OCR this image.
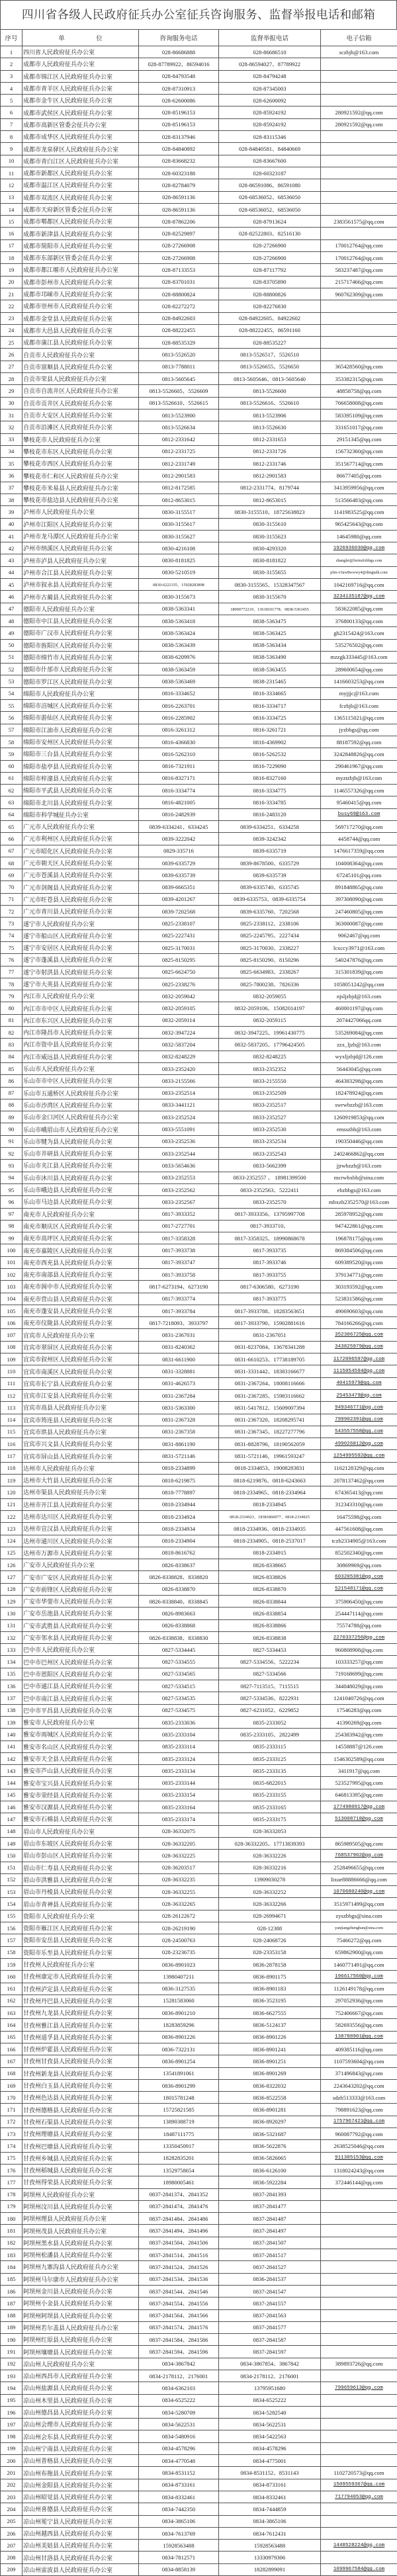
四川省各级人民政府征兵办公室征兵咨询服务、监督举报电话和邮箱
序号	单　　　　　位	咨询服务电话	监督举报电话	电子信箱
1	四川省人民政府征兵办公室	028-86686888	028-86686510	sczbjb@163.com
2	成都市人民政府征兵办公室	028-87789922、86594016	028-86594027、87789922	
3	成都市锦江区人民政府征兵办公室	028-84793548	028-84794248	
4	成都市青羊区人民政府征兵办公室	028-87310913	028-87345003	
5	成都市金牛区人民政府征兵办公室	028-62600086	028-62600092	
6	成都市武侯区人民政府征兵办公室	028-85196153	028-85924192	280921592@qq.com
7	成都市高新区管委会征兵办公室	028-85196153	028-85924192	280921592@qq.com
8	成都市成华区人民政府征兵办公室	028-83137946	028-83115346	
9	成都市龙泉驿区人民政府征兵办公室	028-84840892	028-84840581、84840669	
10	成都市青白江区人民政府征兵办公室	028-83668232	028-83667600	
11	成都市新都区人民政府征兵办公室	028-60323188	028-60323187	
12	成都市温江区人民政府征兵办公室	028-82784079	028-86591086、86591080	
13	成都市双流区人民政府征兵办公室	028-86591136	028-68536052、68536050	
14	成都市天府新区管委会征兵办公室	028-86591136	028-68536052、68536050	
15	成都市郫都区人民政府征兵办公室	028-87862206	028-87913624	2383561575@qq.com
16	成都市新津县人民政府征兵办公室	028-82529897	028-82522803、82516130	
17	成都市简阳市人民政府征兵办公室	028-27266908	028-27266900	170012764@qq.com
18	成都市东部新区管委会征兵办公室	028-27266908	028-27266900	170012764@qq.com
19	成都市都江堰市人民政府征兵办公室	028-87133553	028-87117792	583237487@qq.com
20	成都市彭州市人民政府征兵办公室	028-83701031	028-83705890	215717466@qq.com
21	成都市邛崃市人民政府征兵办公室	028-88800824	028-88800826	960762309@qq.com
22	成都市崇州市人民政府征兵办公室	028-82272272	028-82276830	
23	成都市金堂县人民政府征兵办公室	028-84922603	028-84922605、84922602	
24	成都市大邑县人民政府征兵办公室	028-88222455	028-88222455、86591160	
25	成都市蒲江县人民政府征兵办公室	028-88535329	028-88535227	
26	自贡市人民政府征兵办公室	0813-5526520	0813-5526517、5526510	
27	自贡市富顺县人民政府征兵办公室	0813-7788011	0813-5526655、5526650	365428560@qq.com
28	自贡市荣县人民政府征兵办公室	0813-5605645	0813-5605646、0813-5605640	353382315@qq.com
29	自贡市自流井区人民政府征兵办公室	0813-5526605、5526609	0813-5526600	48858758@qq.com
30	自贡市贡井区人民政府征兵办公室	0813-5526610、5526615	0813-5526616、5526610	766658008@qq.com
31	自贡市大安区人民政府征兵办公室	0813-5523900	0813-5523906	583395109@qq.com
32	自贡市沿滩区人民政府征兵办公室	0813-5526634	0813-5526630	331651017@qq.com
33	攀枝花市人民政府征兵办公室	0812-2331642	0812-2331653	29151345@qq.com
34	攀枝花市东区人民政府征兵办公室	0812-2331725	0812-2331726	156732360@qq.com
35	攀枝花市西区人民政府征兵办公室	0812-2331749	0812-2331746	351567714@qq.com
36	攀枝花市仁和区人民政府征兵办公室	0812-2901583	0812-2901583	86677405@qq.com
37	攀枝花市米易县人民政府征兵办公室	0812-8172585	0812-2331774、8179744	3413959956@qq.com
38	攀枝花市盐边县人民政府征兵办公室	0812-8653015	0812-8653015	513566483@qq.com
39	泸州市人民政府征兵办公室	0830-3155517	0830-3155510、18725638823	1141983525@qq.com
40	泸州市江阳区人民政府征兵办公室	0830-3155617	0830-3155610	965425643@qq.com
41	泸州市龙马潭区人民政府征兵办公室	0830-3155627	0830-3155623	14645980@qq.com
42	泸州市纳溪区人民政府征兵办公室	0830-4216108	0830-4293320	1926936030@qq.com
43	泸州市泸县人民政府征兵办公室	0830-8181825	0830-8181822	zhanglei@lxrmzfzbbgs.com
44	泸州市合江县人民政府征兵办公室	0830-5210519	0830-3155655	pfm-v3uw8wwwy4@dingtalk.com
45	泸州市叙永县人民政府征兵办公室	0830-6222155、15928283898	0830-3155565、15328347567	1042169716@qq.com
46	泸州市古蔺县人民政府征兵办公室	0830-3155673	0830-3155670	3234135187@qq.com
47	德阳市人民政府征兵办公室	0838-5363341	18090772219、13618101778、0838-5363455	583622085@qq.com
48	德阳市中江县人民政府征兵办公室	0838-5363418	0838-5363475	376800133@qq.com
49	德阳市广汉市人民政府征兵办公室	0838-5363424	0838-5363425	gh2315424@163.com
50	德阳市旌阳区人民政府征兵办公室	0838-5363439	0838-5363434	535276502@qq.com
51	德阳市绵竹市人民政府征兵办公室	0838-6209976	0838-5363490	mzzgk333445@163.com
52	德阳市什邡市人民政府征兵办公室	0838-5363459	0838-5363455	289600654@qq.com
53	德阳市罗江区人民政府征兵办公室	0838-5363469	0838-2315465	1416603253@qq.com
54	绵阳市人民政府征兵办公室	0816-3334652	0816-3334665	myjjjc@163.com
55	绵阳市涪城区人民政府征兵办公室	0816-2263701	0816-3334717	fczbjb@163.com
56	绵阳市游仙区人民政府征兵办公室	0816-2285902	0816-3334725	1365115021@qq.com
57	绵阳市江油市人民政府征兵办公室	0816-3261312	0816-3261721	jyzbbgs@qq.com
58	绵阳市安州区人民政府征兵办公室	0816-4366830	0816-4369902	88187592@qq.com
59	绵阳市三台县人民政府征兵办公室	0816-5262310	0816-5262532	3242848826@qq.com
60	绵阳市盐亭县人民政府征兵办公室	0816-7321911	0816-7229090	290461967@qq.com
61	绵阳市梓潼县人民政府征兵办公室	0816-8327171	0816-8327160	myztzbjb@163.com
62	绵阳市平武县人民政府征兵办公室	0816-3334774	0816-3334775	1146557326@qq.com
63	绵阳市北川县人民政府征兵办公室	0816-4821005	0816-3334785	95460415@qq.com
64	绵阳市科学城征兵办公室	0816-2482939	0816-2483120	busy69@163.com
65	广元市人民政府征兵办公室	0839-6334241、6334245	0839-6334251、6334258	569717270@qq.com
66	广元市利州区人民政府征兵办公室	0839-3222042	0839-3242342	4458744@qq.com
67	广元市昭化区人民政府征兵办公室	0829-335716	0839-6335719	1476617359@qq.com
68	广元市朝天区人民政府征兵办公室	0839-6335729	0839-8678500、6335729	104008364@qq.com
69	广元市苍溪县人民政府征兵办公室	0839-6335739	0839-6335739	67245101@qq.com
70	广元市剑阁县人民政府征兵办公室	0839-6665351	0839-6335740、6335745	891848865@qq.com
71	广元市旺苍县人民政府征兵办公室	0839-4201267	0839-6335753、0839-6335754	397308090@qq.com
72	广元市青川县人民政府征兵办公室	0839-7202568	0839-6335760、7202568	247460805@qq.com
73	遂宁市人民政府征兵办公室	0825-2338107	0825-2338112、2338106	363000087@qq.com
74	遂宁市船山区人民政府征兵办公室	0825-2227431	0825-2245795、2227434	9062467@qq.com
75	遂宁市安居区人民政府征兵办公室	0825-3170031	0825-3170030、2338227	lcxccy3971@163.com
76	遂宁市蓬溪县人民政府征兵办公室	0825-8150295	0825-8150290、8150296	540247876@qq.com
77	遂宁市射洪县人民政府征兵办公室	0825-6624750	0825-6634983、2338267	315301839@qq.com
78	遂宁市大英县人民政府征兵办公室	0825-2338276	0825-7800238、7826336	1058051242@qq.com
79	内江市人民政府征兵办公室	0832-2059042	0832-2059055	njsljzbjd@163.com
80	内江市市中区人民政府征兵办公室	0832-2059105	0832-2059106、15082014197	460001197@qq.com
81	内江市东兴区人民政府征兵办公室	0832-2059114	0832-2059115	2074427066qq.com
82	内江市隆昌市人民政府征兵办公室	0832-3947224	0832-3947225、19961430775	535269084@qq.com
83	内江市资中县人民政府征兵办公室	0832-5837204	0832-5837205、17796424505	zzx_ljzb@163.com
84	内江市威远县人民政府征兵办公室	0832-8248229	0832-8248225	wyxljzbjd@126.com
85	乐山市人民政府征兵办公室	0833-2352420	0833-2352352	56443045@qq.com
86	乐山市市中区人民政府征兵办公室	0833-2155566	0833-2155550	464383298@qq.com
87	乐山市五通桥区人民政府征兵办公室	0833-2352514	0833-2352509	182478924@qq.com
88	乐山市沙湾区人民政府征兵办公室	0833-3441121	0833-2352517	swrwbzzb@163.com
89	乐山市金口河区人民政府征兵办公室	0833-2352524	0833-2352527	1260919853@qq.com
90	乐山市峨眉山市人民政府征兵办公室	0833-5551091	0833-2352530	emsszbb@163.com
91	乐山市犍为县人民政府征兵办公室	0833-2352536	0833-2352534	190350446@qq.com
92	乐山市井研县人民政府征兵办公室	0833-2352544	0833-2352543	2402466862@qq.com
93	乐山市夹江县人民政府征兵办公室	0833-5654636	0833-5662399	jjrwbzzb@163.com
94	乐山市沐川县人民政府征兵办公室	0833-2352553	0833-2352557 、 18981399500	mcrwbxbb@sina.com
95	乐山市峨边县人民政府征兵办公室	0833-2352562	0833-2352563、5222411	ebzbbgs@163.com
96	乐山市马边县人民政府征兵办公室	0833-2352567	0833-2352570	mbxzb2352570@163.com
97	南充市人民政府征兵办公室	0817-3933352	0817-3933356、13795997708	285978952@qq.com
98	南充市顺庆区人民政府征兵办公室	0817-2727701	0817-3933710、	947422861@qq.com
99	南充市高坪区人民政府征兵办公室	0817-3358328	0817-3358325、18990868678	196878175@qq.com
100	南充市嘉陵区人民政府征兵办公室	0817-3933738	0817-3933735	869384506@qq.com
101	南充市西充县人民政府征兵办公室	0817-3933747	0817-3933746	609389520@qq.com
102	南充市南部县人民政府征兵办公室	0817-3933758	0817-3933755	379134771@qq.com
103	南充市阆中市人民政府征兵办公室	0817-6273194、6273190	0817-6306580、6273190	303193592@qq.com
104	南充市营山县人民政府征兵办公室	0817-3933774	0817-3933775	523831586@qq.com
105	南充市蓬安县人民政府征兵办公室	0817-3933784	0817-3933788、18283563651	490690603@qq.com
106	南充市仪陇县人民政府征兵办公室	0817-7218093、3933797	0817-3933790、15902881616	784166266@qq.com
107	宜宾市人民政府征兵办公室	0831-2367031	0831-2367051	352306725@qq.com
108	宜宾市翠屏区人民政府征兵办公室	0831-8240362	0831-8237084、13678341288	343825979@qq.com
109	宜宾市叙州区人民政府征兵办公室	0831-6611900	0831-6610253、17738189705	1172096597@qq.com
110	宜宾市南溪区人民政府征兵办公室	0831-3328881	0831-3331442、18383166677	1115054594@qq.com
111	宜宾市长宁县人民政府征兵办公室	0831-4626573	0831-2367264、18008116666	40415979@qq.com
112	宜宾市江安县人民政府征兵办公室	0831-2367284	0831-2367285、15983116662	25453479@qq.com
113	宜宾市高县人民政府征兵办公室	0831-5363300	0831-5417812、15609007394	949346771@qq.com
114	宜宾市筠连县人民政府征兵办公室	0831-2367328	0831-2367320、18208295741	799902391@qq.com
115	宜宾市珙县人民政府征兵办公室	0831-2367358	0831-2367345、18227277796	543557558@qq.com
116	宜宾市兴文县人民政府征兵办公室	0831-8861190	0831-8828796，18190562059	499026812@qq.com
117	宜宾市屏山县人民政府征兵办公室	0831-5721146	0831-5721146，19961593247	1254995592@qq.com
118	达州市人民政府征兵办公室	0818-2334899	0818-2334853、19008283831	1162128329@qq.com
119	达州市大竹县人民政府征兵办公室	0818-6219875	0818-6219876、0818-6243663	2078137462@qq.com
120	达州市渠县人民政府征兵办公室	0818-7778897	0818-2334965、0818-2334964	674365413@qq.com
121	达州市开江县人民政府征兵办公室	0818-2334944	0818-2334945	312343310@qq.com
122	达州市达川区人民政府征兵办公室	0818-2334924	0818-2334923、18381860077、0818-2334925	16475598@qq.com
123	达州市宣汉县人民政府征兵办公室	0818-2334934	0818-2334936、0818-2334935	447561608@qq.com
124	达州市通川区人民政府征兵办公室	0818-2334904	0818-2334905、0818-2537017	tczb2334905@163.com
125	达州市万源市人民政府征兵办公室	0818-8616762	0818-2334915	852502340@qq.com
126	广安市人民政府征兵办公室	0826-8338637	0826-8338665	30869969@qq.com
127	广安市广安区人民政府征兵办公室	0826-8338828、8338820	0826-8338826	603205381@qq.com
128	广安市前锋区人民政府征兵办公室	0826-8338870	0826-8338870	521548171@qq.com
129	广安市华蓥市人民政府征兵办公室	0826-8338840、8338845	0826-8338844	375906450@qq.com
130	广安市岳池县人民政府征兵办公室	0826-8983663	0826-8338854	254447114@qq.com
131	广安市武胜县人民政府征兵办公室	0826-8338868	0826-8338866	75574788@qq.com
132	广安市邻水县人民政府征兵办公室	0826-8338838、8338830	0826-8338838	2270337256@qq.com
133	巴中市人民政府征兵办公室	0827-5334445	0827-5334453	960808908@qq.com
134	巴中市巴州区人民政府征兵办公室	0827-5334555	0827-5334556、5222234	103333257@qq.com
135	巴中市恩阳区人民政府征兵办公室	0827-5334565	0827-5334566	719168699@qq.com
136	巴中市通江县人民政府征兵办公室	0827-5334515	0827-7113515、7115515	344048029@qq.com
137	巴中市南江县人民政府征兵办公室	0827-5334535	0827-5334536、8222931	1241040726@qq.com
138	巴中市平昌县人民政府征兵办公室	0827-5334575	0827-6231052、6229852	17546283@qq.com
139	雅安市人民政府征兵办公室	0835-2333036	0835-2333052	41390269@qq.com
140	雅安市雨城区人民政府征兵办公室	0835-2333104	0835-2333105、2822499	254383942@qq.com
141	雅安市名山区人民政府征兵办公室	0835-2333114	0835-2333115	14558887@126.com
142	雅安市天全县人民政府征兵办公室	0835-2333124	0835-2333125	1546302589@qq.com
143	雅安市芦山县人民政府征兵办公室	0835-2333134	0835-2333135	3411917@qq.com
144	雅安市宝兴县人民政府征兵办公室	0835-2333144	0835-6822015	523527995@qq.com
145	雅安市荥经县人民政府征兵办公室	0835-2333154	0835-2333155	646813395@qq.com
146	雅安市汉源县人民政府征兵办公室	0835-2333164	0835-2333165	1774980917@qq.com
147	雅安市石棉县人民政府征兵办公室	0835-2333174	0835-2333175	513008718@qq.com
148	眉山市人民政府征兵办公室	028-36332075	028-36332053	
149	眉山市东坡区人民政府征兵办公室	028-36332205	028-36332205、17713839393	865989505@qq.com
150	眉山市彭山区人民政府征兵办公室	028-36332225	028-36332226	768537902@qq.com
151	眉山市仁寿县人民政府征兵办公室	028-36203517	028-36332216	2528496655@qq.com
152	眉山市洪雅县人民政府征兵办公室	028-36332235	13909030278	lixue88886666@qq.com
153	眉山市丹棱县人民政府征兵办公室	028-36332255	028-36332252	1070680240@qq.com
154	眉山市青神县人民政府征兵办公室	028-36332265	028-36332266	3515971499@qq.com
155	资阳市人民政府征兵办公室	028-26122672	028-26994671	zyszbbgs@sina.com
156	资阳市雁江区人民政府征兵办公室	028-26219190	028-12388	yanjiangzhengban@sina.com
157	资阳市安岳县人民政府征兵办公室	028-24500763	028-24068726	75466272@qq.com
158	资阳市乐至县人民政府征兵办公室	028-23236735	028-23353158	659862900@qq.com
159	甘孜州人民政府征兵办公室	0836-8901023	0836-2878158	1460771491@qq.com
160	甘孜州康定市人民政府征兵办公室	13980407211	0836-8901175	196617560@qq.com
161	甘孜州泸定县人民政府征兵办公室	0836-3127535	0836-8901183	1126149178@qq.com
162	甘孜州丹巴县人民政府征兵办公室	15281583060	0836-3523195	297052936@qq.com
163	甘孜州九龙县人民政府征兵办公室	0836-8901210	0836-6627555	752406667@qq.com
164	甘孜州雅江县人民政府征兵办公室	18283859296	0836-5124137	582693556@qq.com
165	甘孜州道孚县人民政府征兵办公室	0836-8901226	0836-8901226	138788901@qq.com
166	甘孜州炉霍县人民政府征兵办公室	0836-7322131	0836-8901241	409385116@qq.com
167	甘孜州甘孜县人民政府征兵办公室	0836-8901254	0836-8901251	1107593604@qq.com
168	甘孜州新龙县人民政府征兵办公室	13541891061	0836-8901269	371496843@qq.com
169	甘孜州白玉县人民政府征兵办公室	0836-8901299	0836-8322032	2243643202@qq.com
170	甘孜州色达县人民政府征兵办公室	18015781248	0836-8522558	sdzb513333@163.com
171	甘孜州德格县人民政府征兵办公室	15725821585	0836-8901281	798891623@qq.com
172	甘孜州石渠县人民政府征兵办公室	13890388719	0836-8920297	1757967421@qq.com
173	甘孜州理塘县人民政府征兵办公室	18487111775	0836-5321687	960087792@qq.com
174	甘孜州巴塘县人民政府征兵办公室	13350450917	0836-5622876	2638525046@qq.com
175	甘孜州乡城县人民政府征兵办公室	18282835201	0836-5826065	911305153@qq.com
176	甘孜州稻城县人民政府征兵办公室	13529758654	0836-6126100	1318024243@qq.com
177	甘孜州得荣县人民政府征兵办公室	18980005461	0836-5922284	372446144@qq.com
178	阿坝州人民政府征兵办公室	0837-2841374、2841352	0837-2841393	
179	阿坝州汶川县人民政府征兵办公室	0837-2841474、2841476	0837-2841477	
180	阿坝州理县人民政府征兵办公室	0837-2841484、2841486	0837-2841487	
181	阿坝州茂县人民政府征兵办公室	0837-2841494、2841496	0837-2841497	
182	阿坝州黑水县人民政府征兵办公室	0837-2841504、2841506	0837-2841507	
183	阿坝州松潘县人民政府征兵办公室	0837-2841514、2841516	0837-2841517	
184	阿坝州九寨沟县人民政府征兵办公室	0837-2841524、2841526	0837-2841527	
185	阿坝州马尔康市人民政府征兵办公室	0837-2841534、2841536	0836-2841537	
186	阿坝州金川县人民政府征兵办公室	0837-2841544、2841546	0837-2841547	
187	阿坝州小金县人民政府征兵办公室	0837-2841554、2841556	0837-2841557	
188	阿坝州阿坝县人民政府征兵办公室	0837-2841564、2841566	0837-2841563	
189	阿坝州若尔盖县人民政府征兵办公室	0837-2841574、2841576	0837-2841577	
190	阿坝州红原县人民政府征兵办公室	0837-2841584、2841586	0837-2841587	
191	阿坝州壤塘县人民政府征兵办公室	0837-2841594、2841596	0837-2841597	
192	凉山州人民政府征兵办公室	0834-3867842	0834-3867854、3867842	389893726@qq.com
193	凉山州西昌市人民政府征兵办公室	0834-2178112、2176001	0834-2178112、2176001	
194	凉山州盐源县人民政府征兵办公室	0834-6362103	13795951680	799659613@qq.com
195	凉山州木里县人民政府征兵办公室	0834-6525222	0834-6525222	
196	凉山州德昌县人民政府征兵办公室	0834-5280709	0834-5282540	
197	凉山州会理市人民政府征兵办公室	0834-5622531	0834-5622531	
198	凉山州会东县人民政府征兵办公室	0834-5480916	0834-5422563	
199	凉山州宁南县人民政府征兵办公室	0834-4578296	0834-4578296	
200	凉山州普格县人民政府征兵办公室	0834-4770548	0834-4775001	
201	凉山州布拖县人民政府征兵办公室	0834-8531152	0834-8531152、8531143	1102720573@qq.com
202	凉山州金阳县人民政府征兵办公室	0834-8733161	0834-8733161	1509559367@qq.com
203	凉山州昭觉县人民政府征兵办公室	0834-8332461	0834-8332461	717794053@qq.com
204	凉山州喜德县人民政府征兵办公室	0834-7442350	0834-7444859	
205	凉山州冕宁县人民政府征兵办公室	0834-3865106	0834-3865106	
206	凉山州越西县人民政府征兵办公室	0834-7613769	0834-7612431	
207	凉山州美姑县人民政府征兵办公室	15928563488	15928563488	1448528224@qq.com
208	凉山州甘洛县人民政府征兵办公室	0834-7812571	13330979306	
209	凉山州雷波县人民政府征兵办公室	0834-8858139	18282899091	1099967584@qq.com
